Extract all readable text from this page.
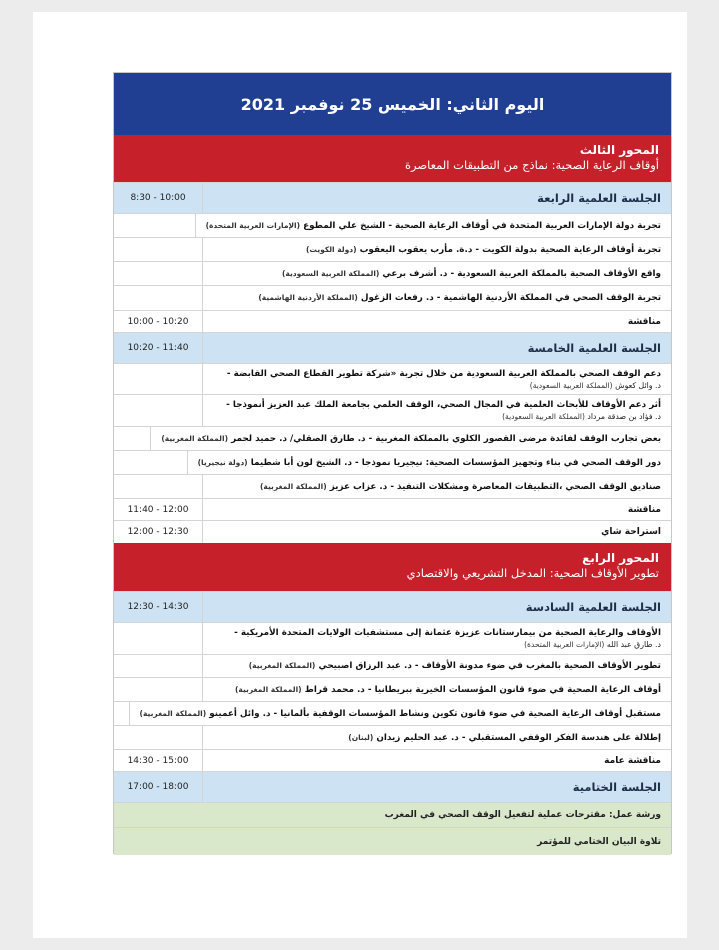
اليوم الثاني: الخميس 25 نوفمبر 2021
المحور الثالث
أوقاف الرعاية الصحية: نماذج من التطبيقات المعاصرة
الجلسة العلمية الرابعة
8:30 - 10:00
تجربة دولة الإمارات العربية المتحدة في أوقاف الرعاية الصحية - الشيخ علي المطوع (الإمارات العربية المتحدة)
تجربة أوقاف الرعاية الصحية بدولة الكويت - د.ة. مأرب يعقوب اليعقوب (دولة الكويت)
واقع الأوقاف الصحية بالمملكة العربية السعودية - د. أشرف برعي (المملكة العربية السعودية)
تجربة الوقف الصحي في المملكة الأردنية الهاشمية - د. رفعات الزغول (المملكة الأردنية الهاشمية)
مناقشة
10:00 - 10:20
الجلسة العلمية الخامسة
10:20 - 11:40
دعم الوقف الصحي بالمملكة العربية السعودية من خلال تجربة «شركة تطوير القطاع الصحي القابضة -
د. وائل كعوش (المملكة العربية السعودية)
أثر دعم الأوقاف للأبحاث العلمية في المجال الصحي، الوقف العلمي بجامعة الملك عبد العزيز أنموذجا -
د. فؤاد بن صدقة مرداد (المملكة العربية السعودية)
بعض تجارب الوقف لفائدة مرضى القصور الكلوي بالمملكة المغربية - د. طارق الصقلي/ د. حميد لحمر (المملكة المغربية)
دور الوقف الصحي في بناء وتجهيز المؤسسات الصحية: نيجيريا نموذجا - د. الشيخ لون أبا شطيما (دولة نيجيريا)
صناديق الوقف الصحي ،التطبيقات المعاصرة ومشكلات التنفيذ - د. عزاب عزيز (المملكة المغربية)
مناقشة
11:40 - 12:00
استراحة شاي
12:00 - 12:30
المحور الرابع
تطوير الأوقاف الصحية: المدخل التشريعي والاقتصادي
الجلسة العلمية السادسة
12:30 - 14:30
الأوقاف والرعاية الصحية من بيمارستانات عزيزة عثمانة إلى مستشفيات الولايات المتحدة الأمريكية -
د. طارق عبد الله (الإمارات العربية المتحدة)
تطوير الأوقاف الصحية بالمغرب في ضوء مدونة الأوقاف - د. عبد الرزاق اصبيحي (المملكة المغربية)
أوقاف الرعاية الصحية في ضوء قانون المؤسسات الخيرية ببريطانيا - د. محمد قراط (المملكة المغربية)
مستقبل أوقاف الرعاية الصحية في ضوء قانون تكوين ونشاط المؤسسات الوقفية بألمانيا - د. وائل أعمينو (المملكة المغربية)
إطلالة على هندسة الفكر الوقفي المستقبلي - د. عبد الحليم زيدان (لبنان)
مناقشة عامة
14:30 - 15:00
الجلسة الختامية
17:00 - 18:00
ورشة عمل: مقترحات عملية لتفعيل الوقف الصحي في المغرب
تلاوة البيان الختامي للمؤتمر
